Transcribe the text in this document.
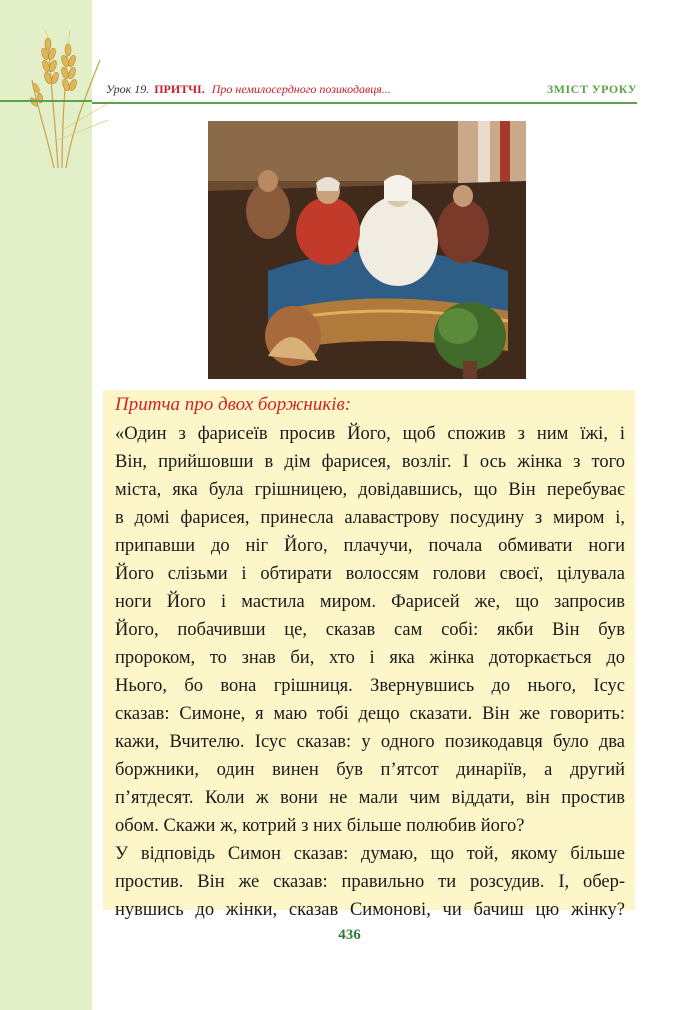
Урок 19. ПРИТЧІ. Про немилосердного позикодавця...	ЗМІСТ УРОКУ
Притча про двох боржників:
«Один з фарисеїв просив Його, щоб спожив з ним їжі, і
Він, прийшовши в дім фарисея, возліг. І ось жінка з того
міста, яка була грішницею, довідавшись, що Він перебуває
в домі фарисея, принесла алавастрову посудину з миром і,
припавши до ніг Його, плачучи, почала обмивати ноги
Його слізьми і обтирати волоссям голови своєї, цілувала
ноги Його і мастила миром. Фарисей же, що запросив
Його, побачивши це, сказав сам собі: якби Він був
пророком, то знав би, хто і яка жінка доторкається до
Нього, бо вона грішниця. Звернувшись до нього, Ісус
сказав: Симоне, я маю тобі дещо сказати. Він же говорить:
кажи, Вчителю. Ісус сказав: у одного позикодавця було два
боржники, один винен був п’ятсот динаріїв, а другий
п’ятдесят. Коли ж вони не мали чим віддати, він простив
обом. Скажи ж, котрий з них більше полюбив його?
У відповідь Симон сказав: думаю, що той, якому більше
простив. Він же сказав: правильно ти розсудив. І, обер-
нувшись до жінки, сказав Симонові, чи бачиш цю жінку?
436
